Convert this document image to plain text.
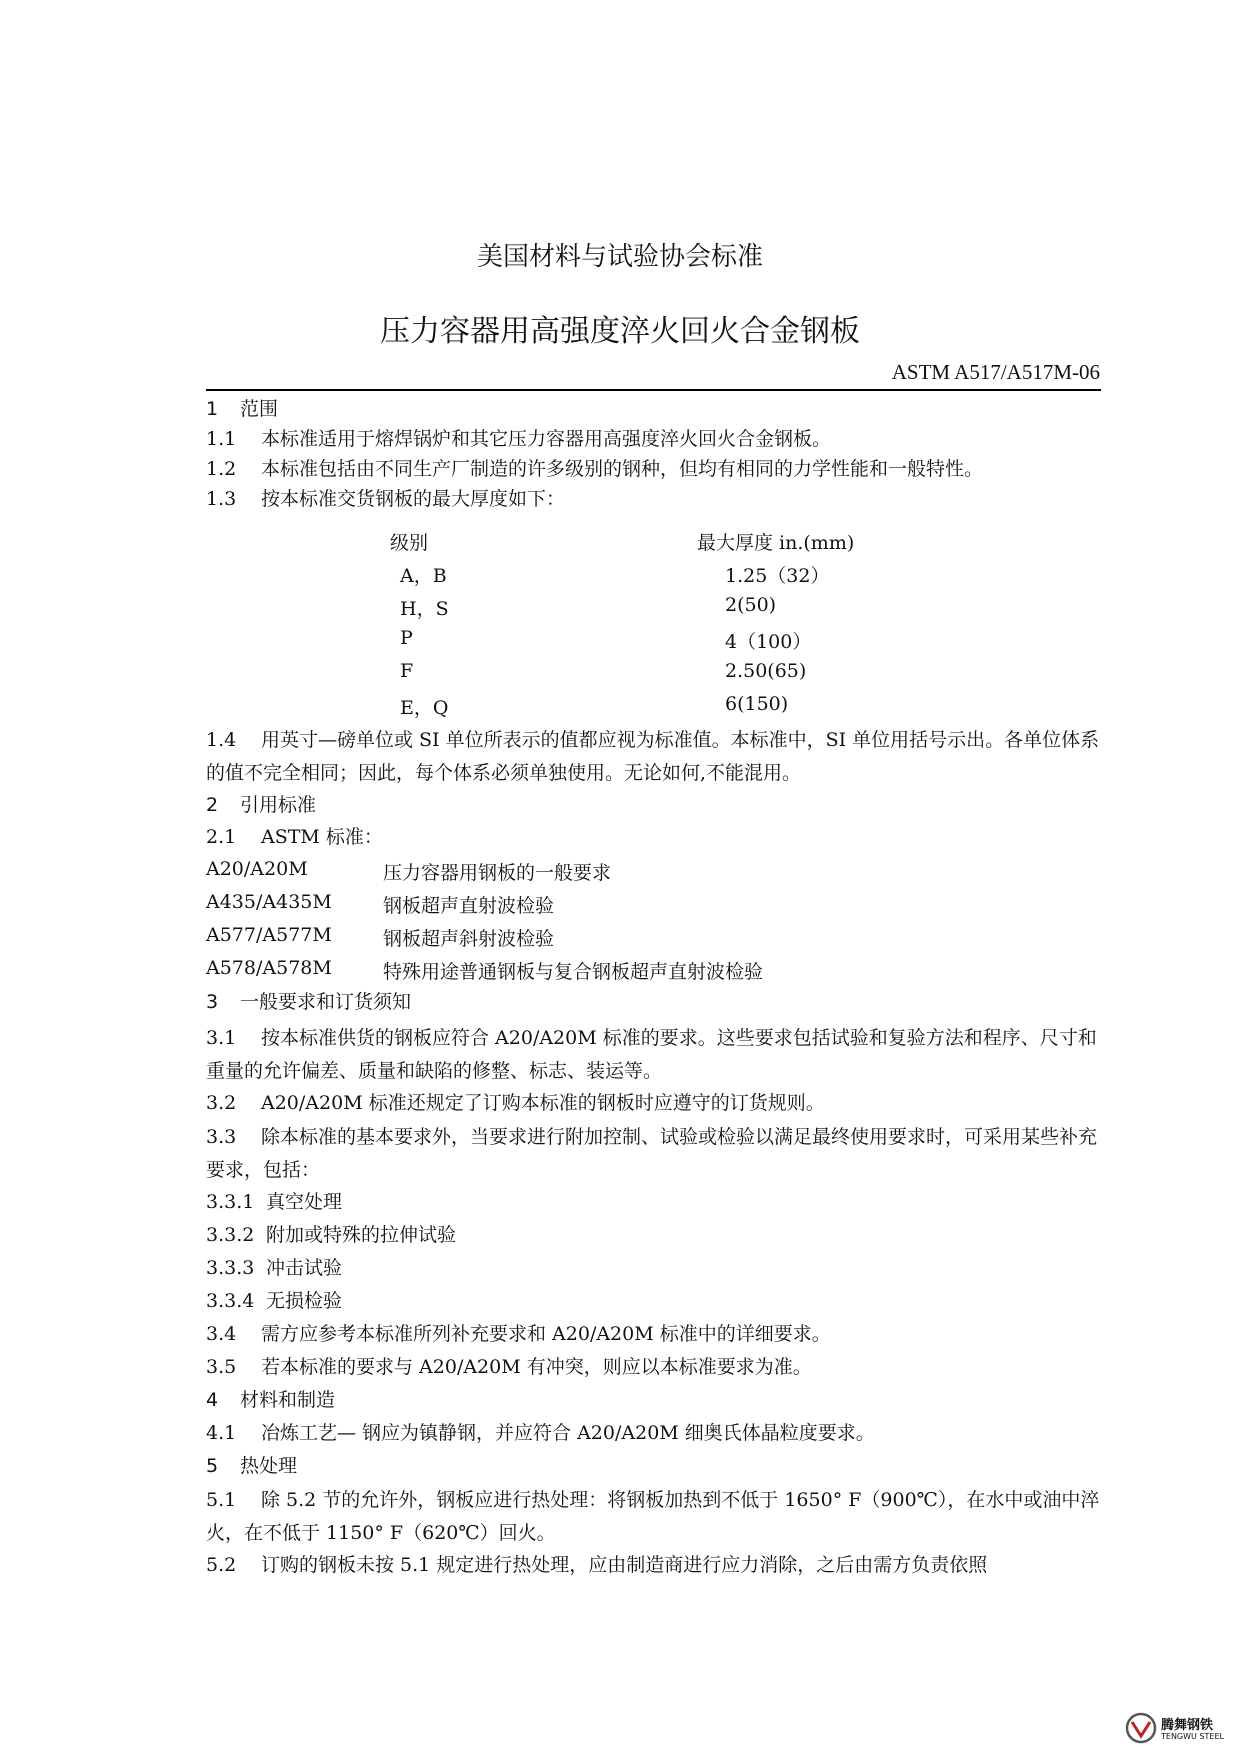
美国材料与试验协会标准
压力容器用高强度淬火回火合金钢板
ASTM A517/A517M-06
1 范围
1.1 本标准适用于熔焊锅炉和其它压力容器用高强度淬火回火合金钢板。
1.2 本标准包括由不同生产厂制造的许多级别的钢种，但均有相同的力学性能和一般特性。
1.3 按本标准交货钢板的最大厚度如下：
级别	最大厚度 in.(mm)
A，B	1.25（32）
H，S	2(50)
P	4（100）
F	2.50(65)
E，Q	6(150)
1.4 用英寸—磅单位或 SI 单位所表示的值都应视为标准值。本标准中，SI 单位用括号示出。各单位体系的值不完全相同；因此，每个体系必须单独使用。无论如何,不能混用。
2 引用标准
2.1 ASTM 标准：
A20/A20M	压力容器用钢板的一般要求
A435/A435M	钢板超声直射波检验
A577/A577M	钢板超声斜射波检验
A578/A578M	特殊用途普通钢板与复合钢板超声直射波检验
3 一般要求和订货须知
3.1 按本标准供货的钢板应符合 A20/A20M 标准的要求。这些要求包括试验和复验方法和程序、尺寸和重量的允许偏差、质量和缺陷的修整、标志、装运等。
3.2 A20/A20M 标准还规定了订购本标准的钢板时应遵守的订货规则。
3.3 除本标准的基本要求外，当要求进行附加控制、试验或检验以满足最终使用要求时，可采用某些补充要求，包括：
3.3.1 真空处理
3.3.2 附加或特殊的拉伸试验
3.3.3 冲击试验
3.3.4 无损检验
3.4 需方应参考本标准所列补充要求和 A20/A20M 标准中的详细要求。
3.5 若本标准的要求与 A20/A20M 有冲突，则应以本标准要求为准。
4 材料和制造
4.1 冶炼工艺— 钢应为镇静钢，并应符合 A20/A20M 细奥氏体晶粒度要求。
5 热处理
5.1 除 5.2 节的允许外，钢板应进行热处理：将钢板加热到不低于 1650° F（900℃），在水中或油中淬火，在不低于 1150° F（620℃）回火。
5.2 订购的钢板未按 5.1 规定进行热处理，应由制造商进行应力消除，之后由需方负责依照
腾舞钢铁
TENGWU STEEL
